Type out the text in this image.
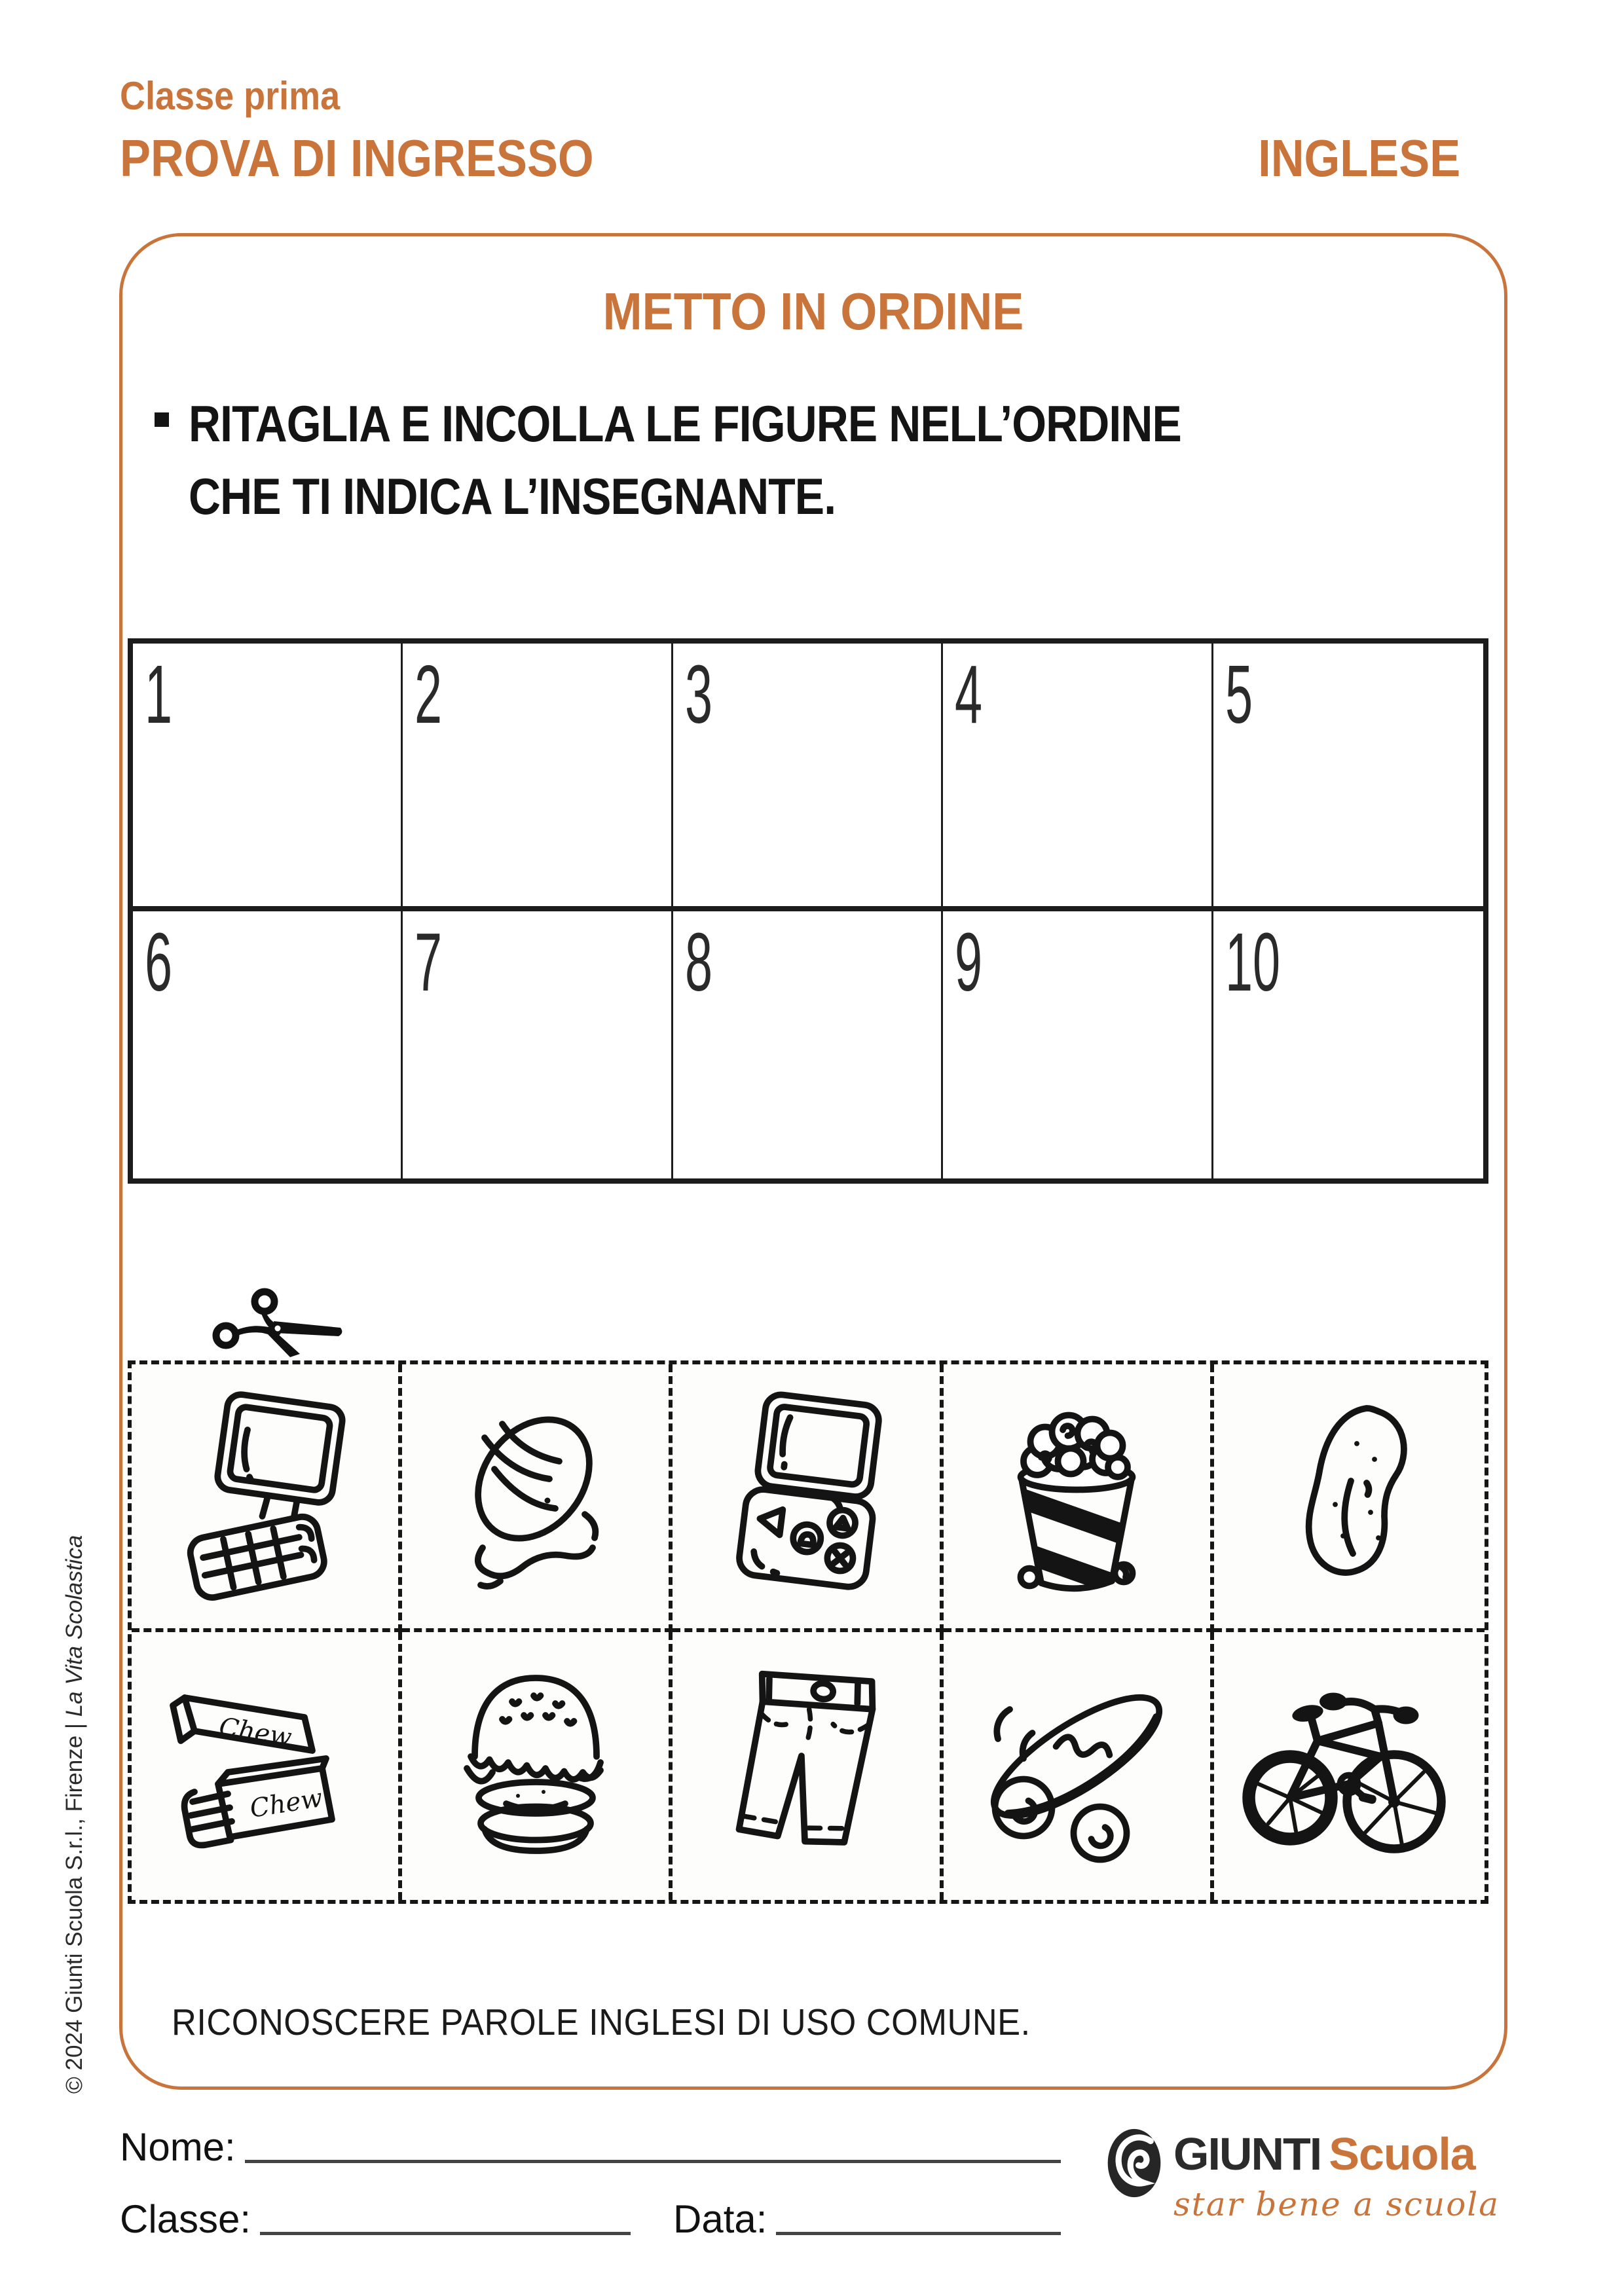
Classe prima
PROVA DI INGRESSO	INGLESE
METTO IN ORDINE
RITAGLIA E INCOLLA LE FIGURE NELL’ORDINE
CHE TI INDICA L’INSEGNANTE.
1	2	3	4	5
6	7	8	9	10
Chew
Chew
RICONOSCERE PAROLE INGLESI DI USO COMUNE.
© 2024 Giunti Scuola S.r.l., Firenze | La Vita Scolastica
Nome:
Classe:	Data:
GIUNTI Scuola
star bene a scuola
